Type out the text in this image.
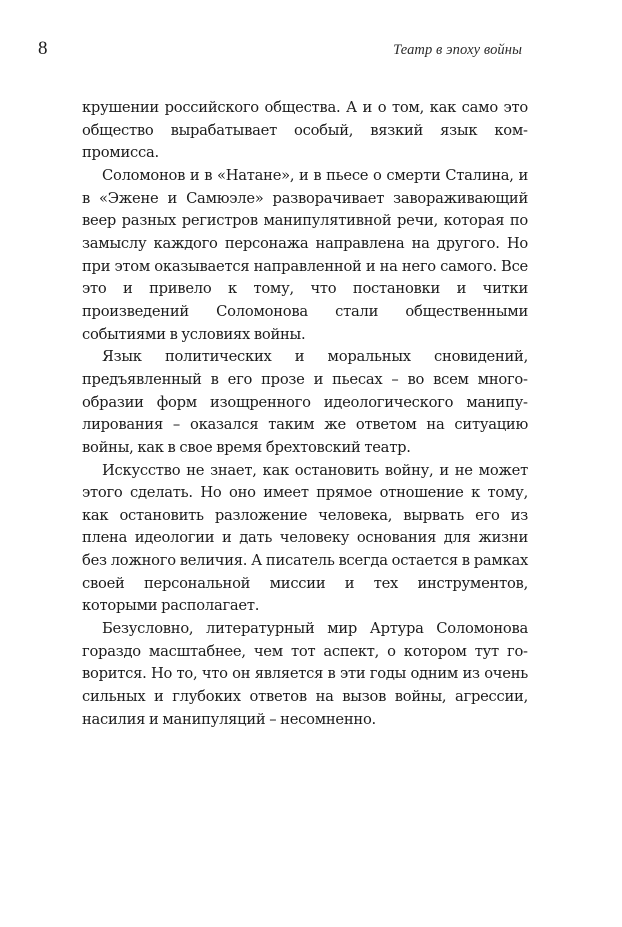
8	Театр в эпоху войны

крушении российского общества. А и о том, как само это общество вырабатывает особый, вязкий язык компромисса.

Соломонов и в «Натане», и в пьесе о смерти Сталина, и в «Эжене и Самюэле» разворачивает завораживающий веер разных регистров манипулятивной речи, которая по замыслу каждого персонажа направлена на другого. Но при этом оказывается направленной и на него самого. Все это и привело к тому, что постановки и читки произведений Соломонова стали общественными событиями в условиях войны.

Язык политических и моральных сновидений, предъявленный в его прозе и пьесах – во всем многообразии форм изощренного идеологического манипулирования – оказался таким же ответом на ситуацию войны, как в свое время брехтовский театр.

Искусство не знает, как остановить войну, и не может этого сделать. Но оно имеет прямое отношение к тому, как остановить разложение человека, вырвать его из плена идеологии и дать человеку основания для жизни без ложного величия. А писатель всегда остается в рамках своей персональной миссии и тех инструментов, которыми располагает.

Безусловно, литературный мир Артура Соломонова гораздо масштабнее, чем тот аспект, о котором тут говорится. Но то, что он является в эти годы одним из очень сильных и глубоких ответов на вызов войны, агрессии, насилия и манипуляций – несомненно.
